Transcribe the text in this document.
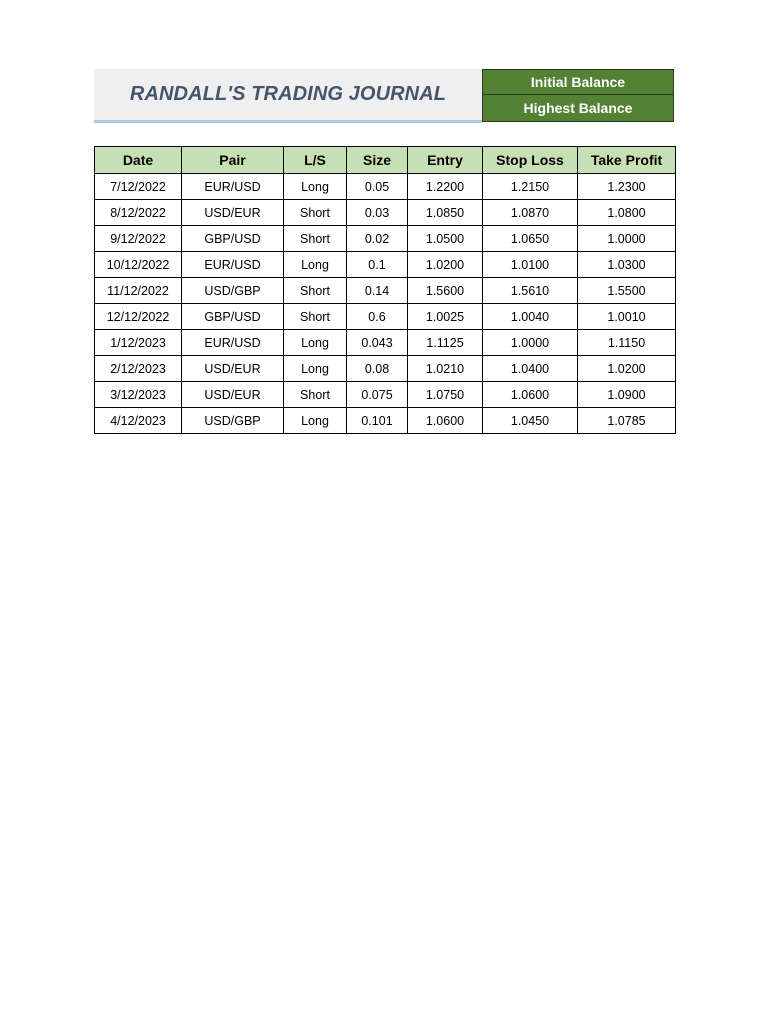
RANDALL'S TRADING JOURNAL
Initial Balance
Highest Balance
Date	Pair	L/S	Size	Entry	Stop Loss	Take Profit
7/12/2022	EUR/USD	Long	0.05	1.2200	1.2150	1.2300
8/12/2022	USD/EUR	Short	0.03	1.0850	1.0870	1.0800
9/12/2022	GBP/USD	Short	0.02	1.0500	1.0650	1.0000
10/12/2022	EUR/USD	Long	0.1	1.0200	1.0100	1.0300
11/12/2022	USD/GBP	Short	0.14	1.5600	1.5610	1.5500
12/12/2022	GBP/USD	Short	0.6	1.0025	1.0040	1.0010
1/12/2023	EUR/USD	Long	0.043	1.1125	1.0000	1.1150
2/12/2023	USD/EUR	Long	0.08	1.0210	1.0400	1.0200
3/12/2023	USD/EUR	Short	0.075	1.0750	1.0600	1.0900
4/12/2023	USD/GBP	Long	0.101	1.0600	1.0450	1.0785
